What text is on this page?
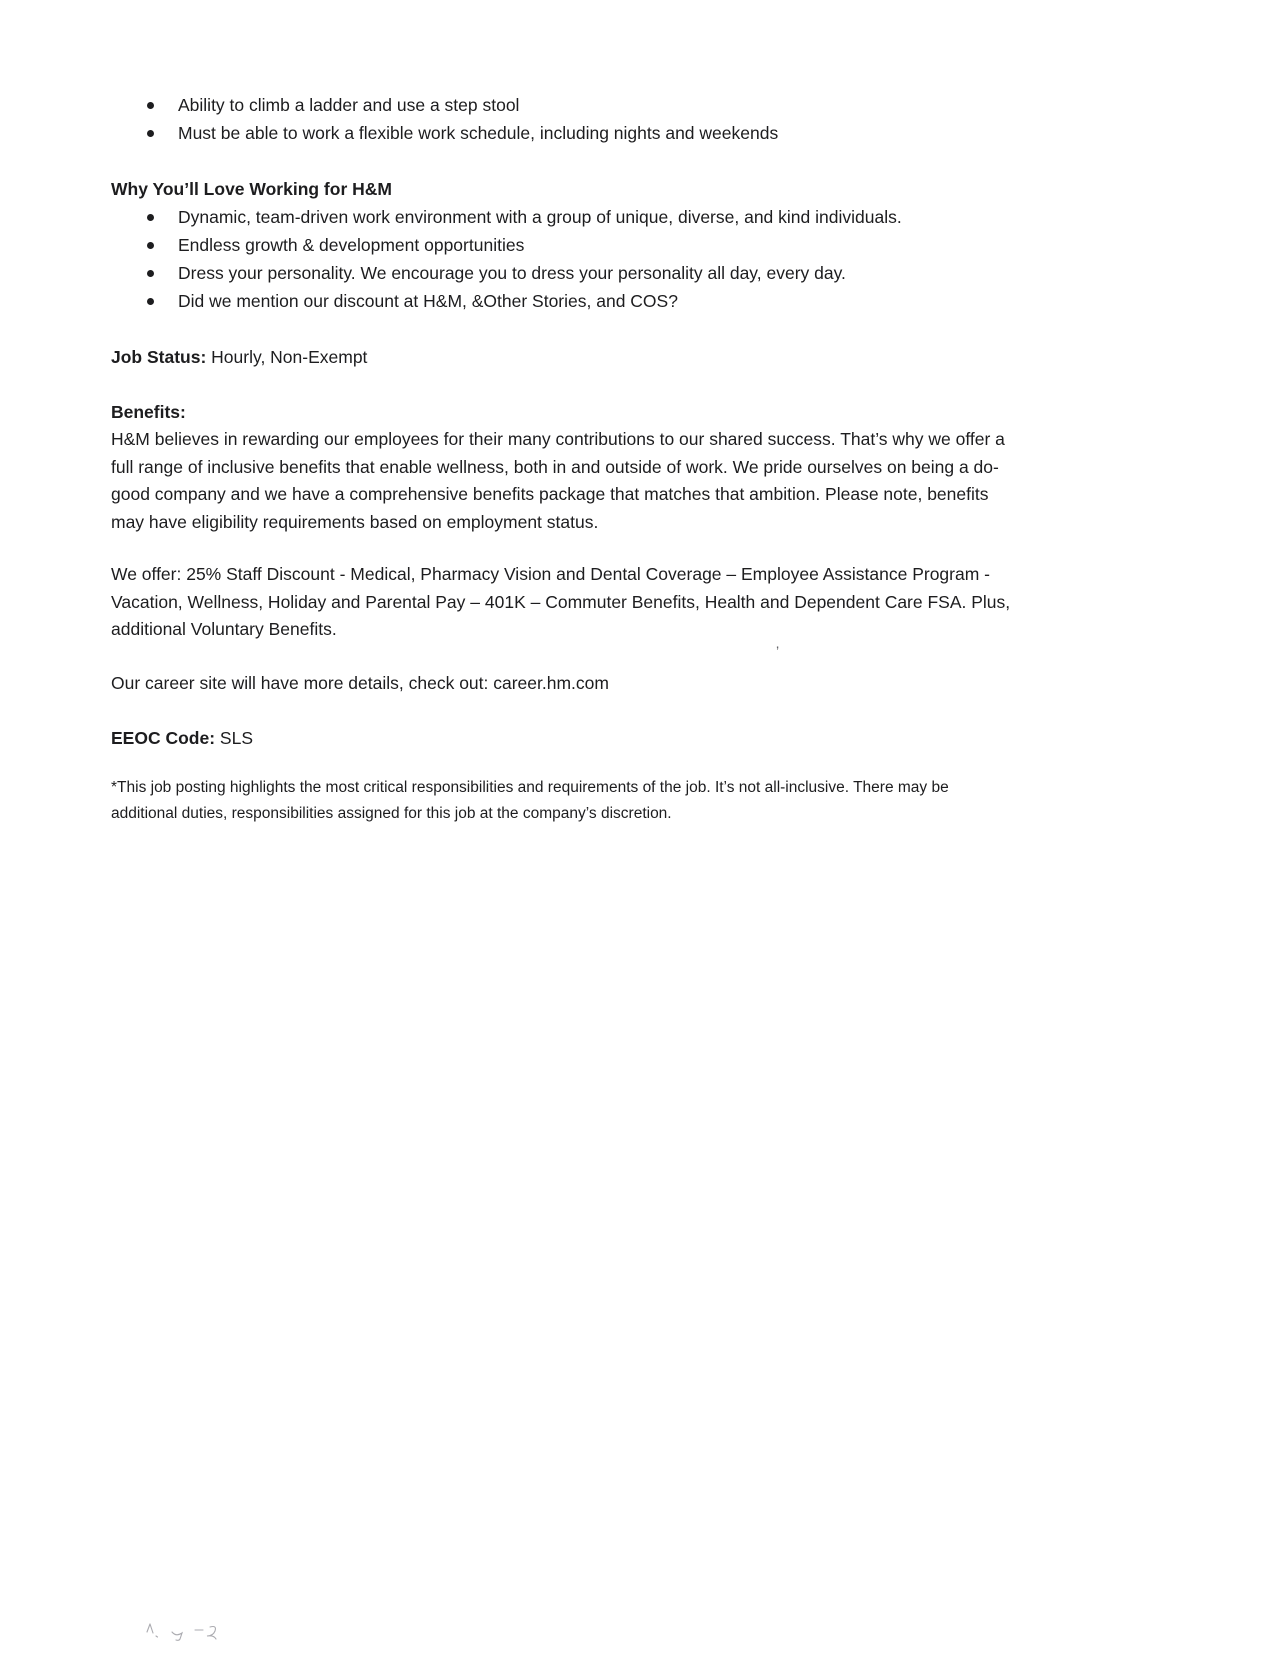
Ability to climb a ladder and use a step stool
Must be able to work a flexible work schedule, including nights and weekends
Why You’ll Love Working for H&M
Dynamic, team-driven work environment with a group of unique, diverse, and kind individuals.
Endless growth & development opportunities
Dress your personality. We encourage you to dress your personality all day, every day.
Did we mention our discount at H&M, &Other Stories, and COS?
Job Status: Hourly, Non-Exempt
Benefits:
H&M believes in rewarding our employees for their many contributions to our shared success. That’s why we offer a
full range of inclusive benefits that enable wellness, both in and outside of work. We pride ourselves on being a do-
good company and we have a comprehensive benefits package that matches that ambition. Please note, benefits
may have eligibility requirements based on employment status.
We offer: 25% Staff Discount - Medical, Pharmacy Vision and Dental Coverage – Employee Assistance Program -
Vacation, Wellness, Holiday and Parental Pay – 401K – Commuter Benefits, Health and Dependent Care FSA. Plus,
additional Voluntary Benefits.
Our career site will have more details, check out: career.hm.com
EEOC Code: SLS
*This job posting highlights the most critical responsibilities and requirements of the job. It’s not all-inclusive. There may be
additional duties, responsibilities assigned for this job at the company’s discretion.
’
